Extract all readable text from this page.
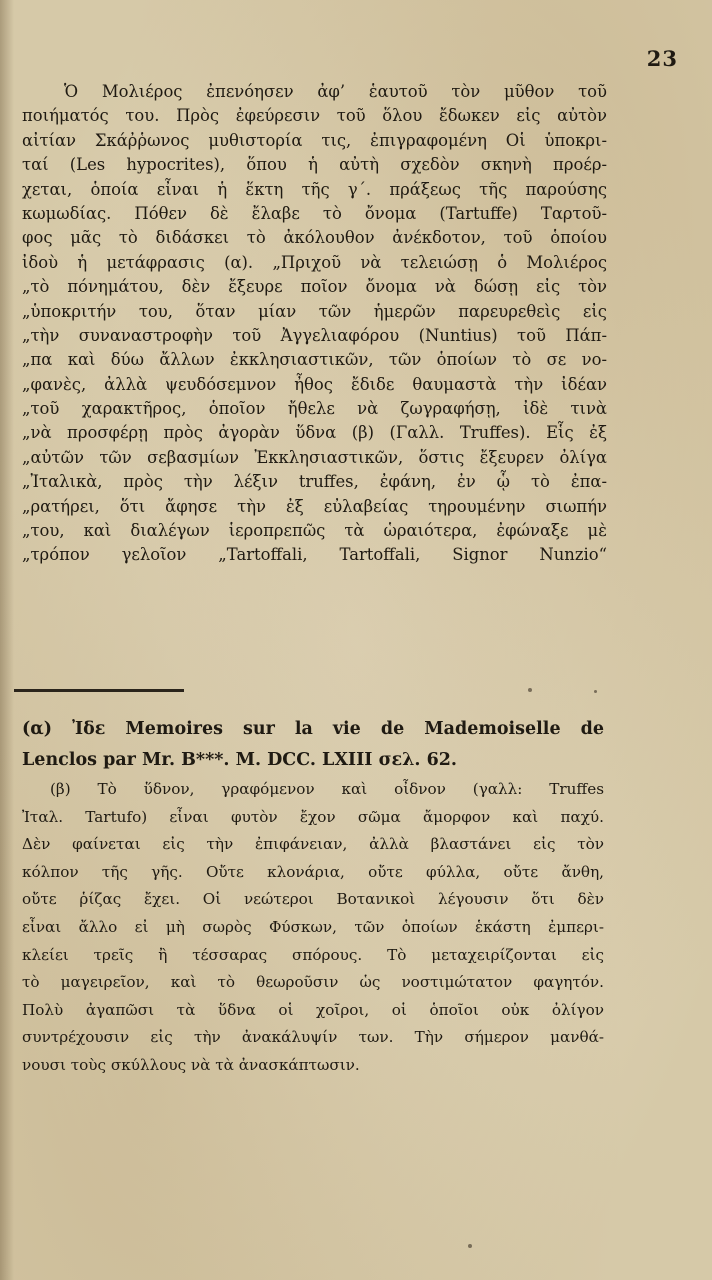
23
Ὁ Μολιέρος ἐπενόησεν ἀφ’ ἑαυτοῦ τὸν μῦθον τοῦ
ποιήματός του. Πρὸς ἐφεύρεσιν τοῦ ὅλου ἔδωκεν εἰς αὐτὸν
αἰτίαν Σκάῤῥωνος μυθιστορία τις, ἐπιγραφομένη Οἱ ὑποκρι-
ταί (Les hypocrites), ὅπου ἡ αὐτὴ σχεδὸν σκηνὴ προέρ-
χεται, ὁποία εἶναι ἡ ἕκτη τῆς γ΄. πράξεως τῆς παρούσης
κωμωδίας. Πόθεν δὲ ἔλαβε τὸ ὄνομα (Tartuffe) Ταρτοῦ-
φος μᾶς τὸ διδάσκει τὸ ἀκόλουθον ἀνέκδοτον, τοῦ ὁποίου
ἰδοὺ ἡ μετάφρασις (α). „Πριχοῦ νὰ τελειώσῃ ὁ Μολιέρος
„τὸ πόνημάτου, δὲν ἔξευρε ποῖον ὄνομα νὰ δώσῃ εἰς τὸν
„ὑποκριτήν του, ὅταν μίαν τῶν ἡμερῶν παρευρεθεὶς εἰς
„τὴν συναναστροφὴν τοῦ Ἀγγελιαφόρου (Nuntius) τοῦ Πάπ-
„πα καὶ δύω ἄλλων ἐκκλησιαστικῶν, τῶν ὁποίων τὸ σε νο-
„φανὲς, ἀλλὰ ψευδόσεμνον ἦθος ἔδιδε θαυμαστὰ τὴν ἰδέαν
„τοῦ χαρακτῆρος, ὁποῖον ἤθελε νὰ ζωγραφήσῃ, ἰδὲ τινὰ
„νὰ προσφέρῃ πρὸς ἀγορὰν ὕδνα (β) (Γαλλ. Truffes). Εἷς ἐξ
„αὐτῶν τῶν σεβασμίων Ἐκκλησιαστικῶν, ὅστις ἔξευρεν ὀλίγα
„Ἰταλικὰ, πρὸς τὴν λέξιν truffes, ἐφάνη, ἐν ᾧ τὸ ἐπα-
„ρατήρει, ὅτι ἄφησε τὴν ἐξ εὐλαβείας τηρουμένην σιωπήν
„του, καὶ διαλέγων ἱεροπρεπῶς τὰ ὡραιότερα, ἐφώναξε μὲ
„τρόπον γελοῖον „Tartoffali, Tartoffali, Signor Nunzio“
(α) Ἰδε Memoires sur la vie de Mademoiselle de
Lenclos par Mr. B***. M. DCC. LXIII σελ. 62.
(β) Τὸ ὕδνον, γραφόμενον καὶ οἶδνον (γαλλ: Truffes
Ἰταλ. Tartufo) εἶναι φυτὸν ἔχον σῶμα ἄμορφον καὶ παχύ.
Δὲν φαίνεται εἰς τὴν ἐπιφάνειαν, ἀλλὰ βλαστάνει εἰς τὸν
κόλπον τῆς γῆς. Οὔτε κλονάρια, οὔτε φύλλα, οὔτε ἄνθη,
οὔτε ῥίζας ἔχει. Οἱ νεώτεροι Βοτανικοὶ λέγουσιν ὅτι δὲν
εἶναι ἄλλο εἰ μὴ σωρὸς Φύσκων, τῶν ὁποίων ἑκάστη ἐμπερι-
κλείει τρεῖς ἢ τέσσαρας σπόρους. Τὸ μεταχειρίζονται εἰς
τὸ μαγειρεῖον, καὶ τὸ θεωροῦσιν ὡς νοστιμώτατον φαγητόν.
Πολὺ ἀγαπῶσι τὰ ὕδνα οἱ χοῖροι, οἱ ὁποῖοι οὐκ ὀλίγον
συντρέχουσιν εἰς τὴν ἀνακάλυψίν των. Τὴν σήμερον μανθά-
νουσι τοὺς σκύλλους νὰ τὰ ἀνασκάπτωσιν.
